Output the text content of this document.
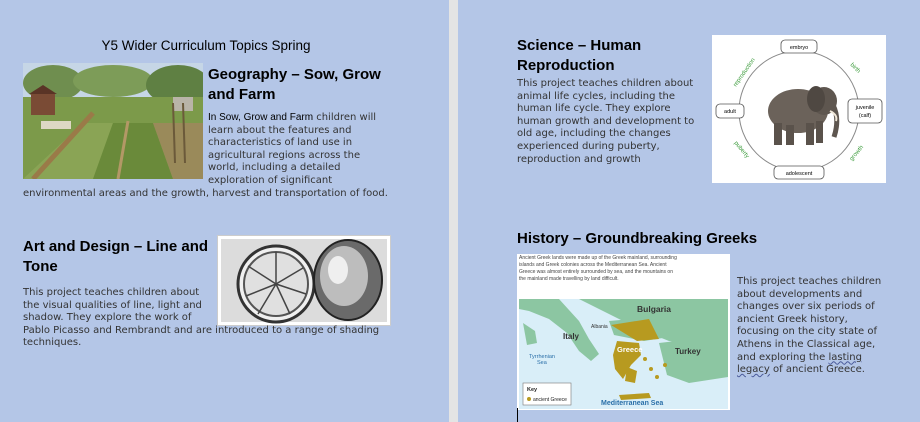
Y5 Wider Curriculum Topics Spring
Geography – Sow, Grow
and Farm
In Sow, Grow and Farm children will
learn about the features and
characteristics of land use in
agricultural regions across the
world, including a detailed
exploration of significant
environmental areas and the growth, harvest and transportation of food.
Art and Design – Line and
Tone
This project teaches children about
the visual qualities of line, light and
shadow. They explore the work of
Pablo Picasso and Rembrandt and are introduced to a range of shading
techniques.
Science – Human
Reproduction
This project teaches children about
animal life cycles, including the
human life cycle. They explore
human growth and development to
old age, including the changes
experienced during puberty,
reproduction and growth
embryo
juvenile
(calf)
adolescent
adult
birth
growth
puberty
reproduction
History – Groundbreaking Greeks
Ancient Greek lands were made up of the Greek mainland, surrounding
islands and Greek colonies across the Mediterranean Sea. Ancient
Greece was almost entirely surrounded by sea, and the mountains on
the mainland made travelling by land difficult.
Bulgaria
Italy
Albania
Greece	Turkey
Tyrrhenian
Sea
Mediterranean Sea
Key
ancient Greece
This project teaches children
about developments and
changes over six periods of
ancient Greek history,
focusing on the city state of
Athens in the Classical age,
and exploring the lasting
legacy of ancient Greece.
